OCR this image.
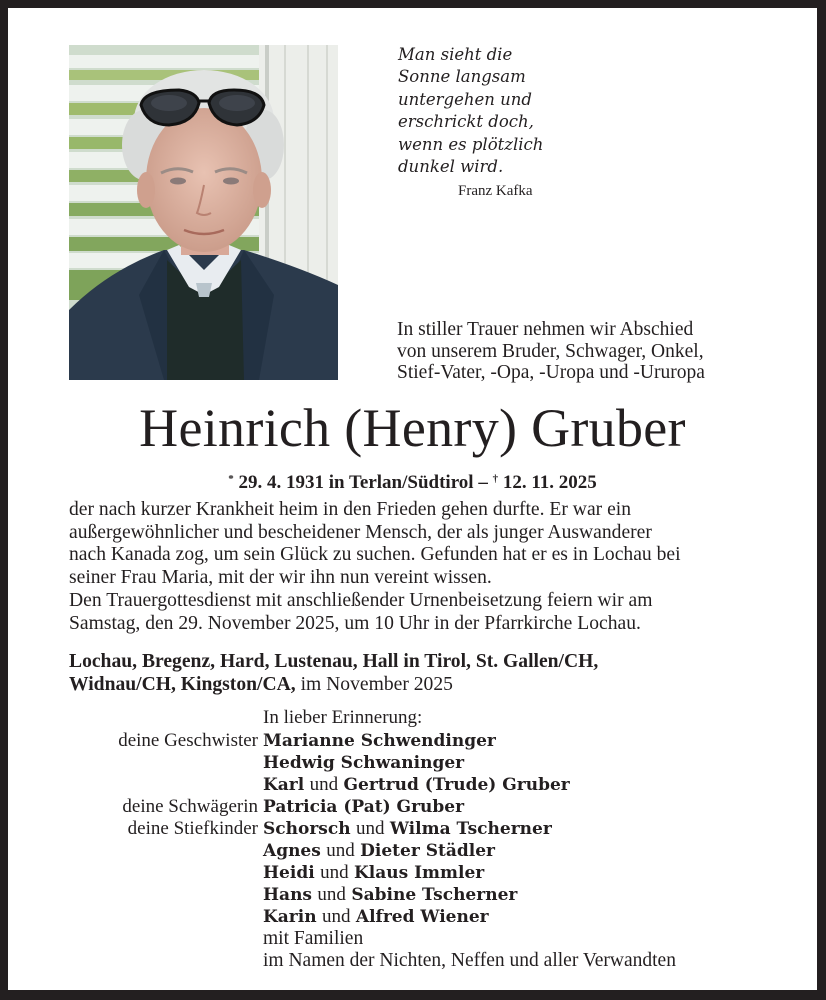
Man sieht die
Sonne langsam
untergehen und
erschrickt doch,
wenn es plötzlich
dunkel wird.
Franz Kafka
In stiller Trauer nehmen wir Abschied
von unserem Bruder, Schwager, Onkel,
Stief-Vater, -Opa, -Uropa und -Ururopa
Heinrich (Henry) Gruber
* 29. 4. 1931 in Terlan/Südtirol – † 12. 11. 2025
der nach kurzer Krankheit heim in den Frieden gehen durfte. Er war ein
außergewöhnlicher und bescheidener Mensch, der als junger Auswanderer
nach Kanada zog, um sein Glück zu suchen. Gefunden hat er es in Lochau bei
seiner Frau Maria, mit der wir ihn nun vereint wissen.
Den Trauergottesdienst mit anschließender Urnenbeisetzung feiern wir am
Samstag, den 29. November 2025, um 10 Uhr in der Pfarrkirche Lochau.
Lochau, Bregenz, Hard, Lustenau, Hall in Tirol, St. Gallen/CH,
Widnau/CH, Kingston/CA, im November 2025
In lieber Erinnerung:
deine Geschwister Marianne Schwendinger
Hedwig Schwaninger
Karl und Gertrud (Trude) Gruber
deine Schwägerin Patricia (Pat) Gruber
deine Stiefkinder Schorsch und Wilma Tscherner
Agnes und Dieter Städler
Heidi und Klaus Immler
Hans und Sabine Tscherner
Karin und Alfred Wiener
mit Familien
im Namen der Nichten, Neffen und aller Verwandten
